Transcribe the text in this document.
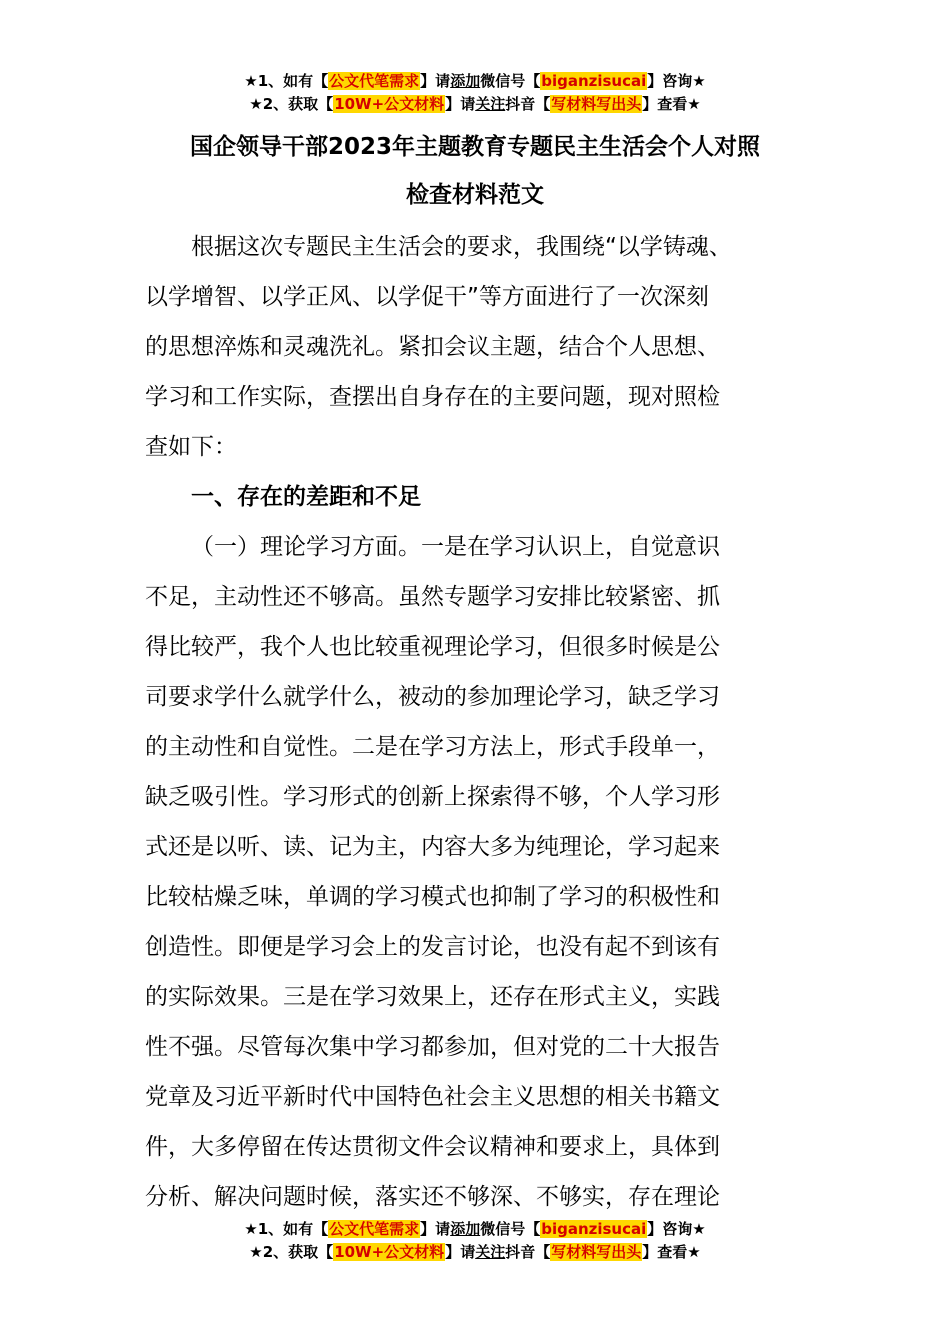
★1、如有【公文代笔需求】请添加微信号【biganzisucai】咨询★
★2、获取【10W+公文材料】请关注抖音【写材料写出头】查看★
国企领导干部2023年主题教育专题民主生活会个人对照
检查材料范文
根据这次专题民主生活会的要求，我围绕“以学铸魂、
以学增智、以学正风、以学促干”等方面进行了一次深刻
的思想淬炼和灵魂洗礼。紧扣会议主题，结合个人思想、
学习和工作实际，查摆出自身存在的主要问题，现对照检
查如下：
一、存在的差距和不足
（一）理论学习方面。一是在学习认识上，自觉意识
不足，主动性还不够高。虽然专题学习安排比较紧密、抓
得比较严，我个人也比较重视理论学习，但很多时候是公
司要求学什么就学什么，被动的参加理论学习，缺乏学习
的主动性和自觉性。二是在学习方法上，形式手段单一，
缺乏吸引性。学习形式的创新上探索得不够，个人学习形
式还是以听、读、记为主，内容大多为纯理论，学习起来
比较枯燥乏味，单调的学习模式也抑制了学习的积极性和
创造性。即便是学习会上的发言讨论，也没有起不到该有
的实际效果。三是在学习效果上，还存在形式主义，实践
性不强。尽管每次集中学习都参加，但对党的二十大报告
党章及习近平新时代中国特色社会主义思想的相关书籍文
件，大多停留在传达贯彻文件会议精神和要求上，具体到
分析、解决问题时候，落实还不够深、不够实，存在理论
★1、如有【公文代笔需求】请添加微信号【biganzisucai】咨询★
★2、获取【10W+公文材料】请关注抖音【写材料写出头】查看★
